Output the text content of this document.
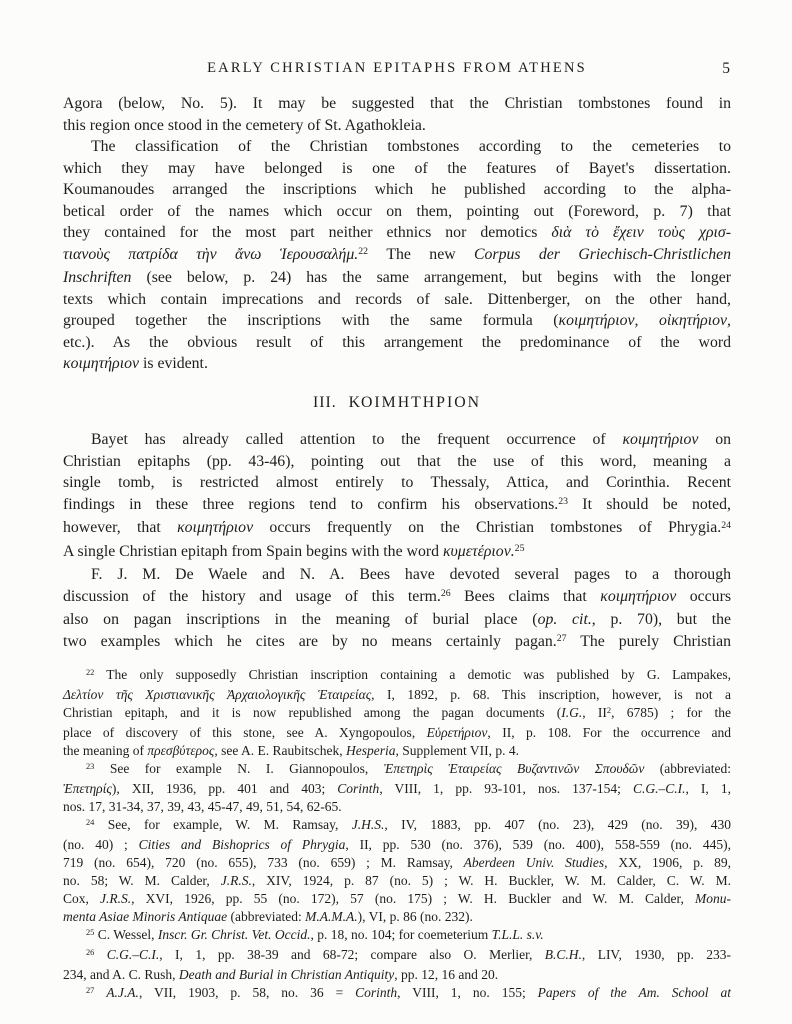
EARLY CHRISTIAN EPITAPHS FROM ATHENS	5
Agora (below, No. 5). It may be suggested that the Christian tombstones found in
this region once stood in the cemetery of St. Agathokleia.
The classification of the Christian tombstones according to the cemeteries to
which they may have belonged is one of the features of Bayet's dissertation.
Koumanoudes arranged the inscriptions which he published according to the alpha-
betical order of the names which occur on them, pointing out (Foreword, p. 7) that
they contained for the most part neither ethnics nor demotics διὰ τὸ ἔχειν τοὺς χρισ-
τιανοὺς πατρίδα τὴν ἄνω Ἱερουσαλήμ.$^{22}$ The new Corpus der Griechisch-Christlichen
Inschriften (see below, p. 24) has the same arrangement, but begins with the longer
texts which contain imprecations and records of sale. Dittenberger, on the other hand,
grouped together the inscriptions with the same formula (κοιμητήριον, οἰκητήριον,
etc.). As the obvious result of this arrangement the predominance of the word
κοιμητήριον is evident.
III. ΚΟΙΜΗΤΗΡΙΟΝ
Bayet has already called attention to the frequent occurrence of κοιμητήριον on
Christian epitaphs (pp. 43-46), pointing out that the use of this word, meaning a
single tomb, is restricted almost entirely to Thessaly, Attica, and Corinthia. Recent
findings in these three regions tend to confirm his observations.$^{23}$ It should be noted,
however, that κοιμητήριον occurs frequently on the Christian tombstones of Phrygia.$^{24}$
A single Christian epitaph from Spain begins with the word κυμετέριον.$^{25}$
F. J. M. De Waele and N. A. Bees have devoted several pages to a thorough
discussion of the history and usage of this term.$^{26}$ Bees claims that κοιμητήριον occurs
also on pagan inscriptions in the meaning of burial place (op. cit., p. 70), but the
two examples which he cites are by no means certainly pagan.$^{27}$ The purely Christian
$^{22}$ The only supposedly Christian inscription containing a demotic was published by G. Lampakes,
Δελτίον τῆς Χριστιανικῆς Ἀρχαιολογικῆς Ἑταιρείας, I, 1892, p. 68. This inscription, however, is not a
Christian epitaph, and it is now republished among the pagan documents (I.G., $II^2$, 6785) ; for the
place of discovery of this stone, see A. Xyngopoulos, Εὑρετήριον, II, p. 108. For the occurrence and
the meaning of πρεσβύτερος, see A. E. Raubitschek, Hesperia, Supplement VII, p. 4.
$^{23}$ See for example N. I. Giannopoulos, Ἐπετηρὶς Ἑταιρείας Βυζαντινῶν Σπουδῶν (abbreviated:
Ἐπετηρίς), XII, 1936, pp. 401 and 403; Corinth, VIII, 1, pp. 93-101, nos. 137-154; C.G.–C.I., I, 1,
nos. 17, 31-34, 37, 39, 43, 45-47, 49, 51, 54, 62-65.
$^{24}$ See, for example, W. M. Ramsay, J.H.S., IV, 1883, pp. 407 (no. 23), 429 (no. 39), 430
(no. 40) ; Cities and Bishoprics of Phrygia, II, pp. 530 (no. 376), 539 (no. 400), 558-559 (no. 445),
719 (no. 654), 720 (no. 655), 733 (no. 659) ; M. Ramsay, Aberdeen Univ. Studies, XX, 1906, p. 89,
no. 58; W. M. Calder, J.R.S., XIV, 1924, p. 87 (no. 5) ; W. H. Buckler, W. M. Calder, C. W. M.
Cox, J.R.S., XVI, 1926, pp. 55 (no. 172), 57 (no. 175) ; W. H. Buckler and W. M. Calder, Monu-
menta Asiae Minoris Antiquae (abbreviated: M.A.M.A.), VI, p. 86 (no. 232).
$^{25}$ C. Wessel, Inscr. Gr. Christ. Vet. Occid., p. 18, no. 104; for coemeterium T.L.L. s.v.
$^{26}$ C.G.–C.I., I, 1, pp. 38-39 and 68-72; compare also O. Merlier, B.C.H., LIV, 1930, pp. 233-
234, and A. C. Rush, Death and Burial in Christian Antiquity, pp. 12, 16 and 20.
$^{27}$ A.J.A., VII, 1903, p. 58, no. 36 = Corinth, VIII, 1, no. 155; Papers of the Am. School at
